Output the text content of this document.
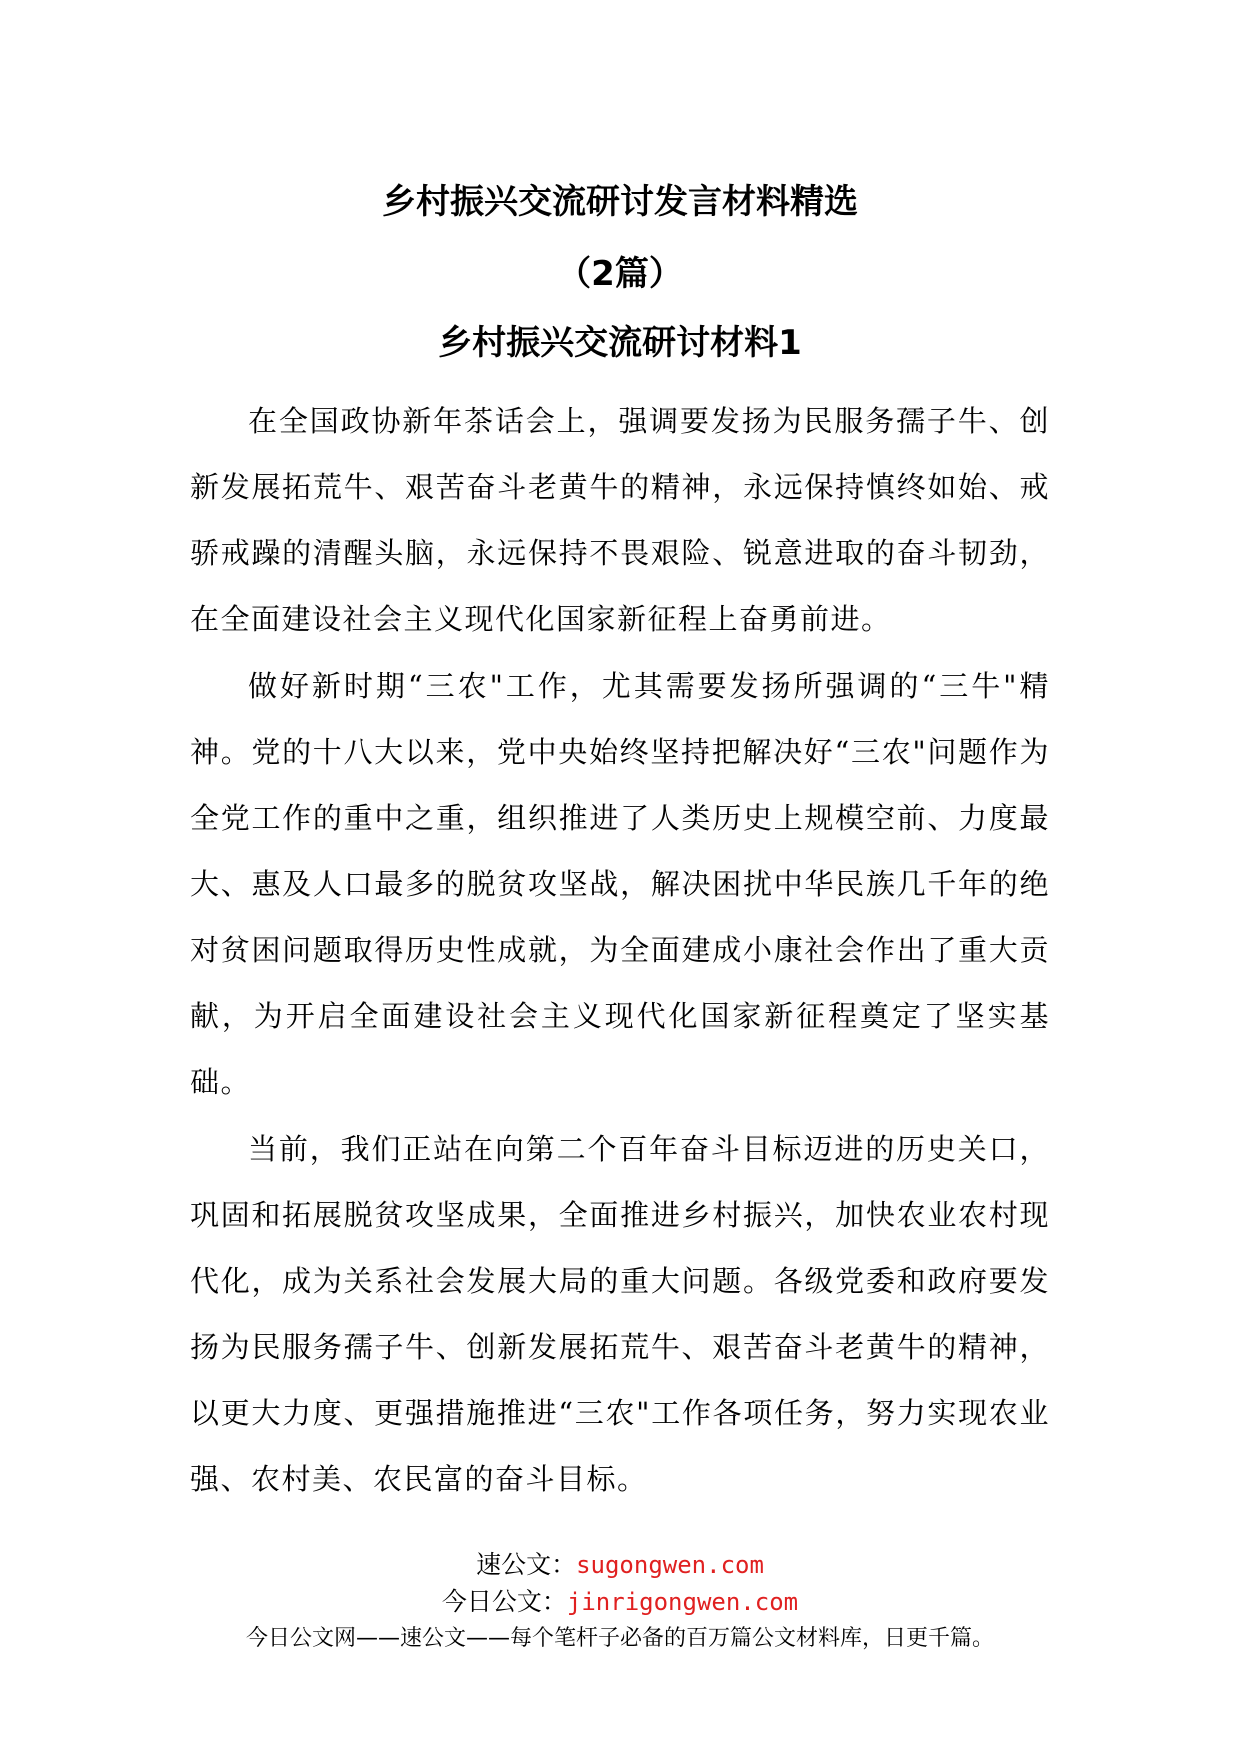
乡村振兴交流研讨发言材料精选
（2篇）
乡村振兴交流研讨材料1

在全国政协新年茶话会上，强调要发扬为民服务孺子牛、创新发展拓荒牛、艰苦奋斗老黄牛的精神，永远保持慎终如始、戒骄戒躁的清醒头脑，永远保持不畏艰险、锐意进取的奋斗韧劲，在全面建设社会主义现代化国家新征程上奋勇前进。

做好新时期“三农"工作，尤其需要发扬所强调的“三牛"精神。党的十八大以来，党中央始终坚持把解决好“三农"问题作为全党工作的重中之重，组织推进了人类历史上规模空前、力度最大、惠及人口最多的脱贫攻坚战，解决困扰中华民族几千年的绝对贫困问题取得历史性成就，为全面建成小康社会作出了重大贡献，为开启全面建设社会主义现代化国家新征程奠定了坚实基础。

当前，我们正站在向第二个百年奋斗目标迈进的历史关口，巩固和拓展脱贫攻坚成果，全面推进乡村振兴，加快农业农村现代化，成为关系社会发展大局的重大问题。各级党委和政府要发扬为民服务孺子牛、创新发展拓荒牛、艰苦奋斗老黄牛的精神，以更大力度、更强措施推进“三农"工作各项任务，努力实现农业强、农村美、农民富的奋斗目标。

速公文：sugongwen.com
今日公文：jinrigongwen.com
今日公文网——速公文——每个笔杆子必备的百万篇公文材料库，日更千篇。
